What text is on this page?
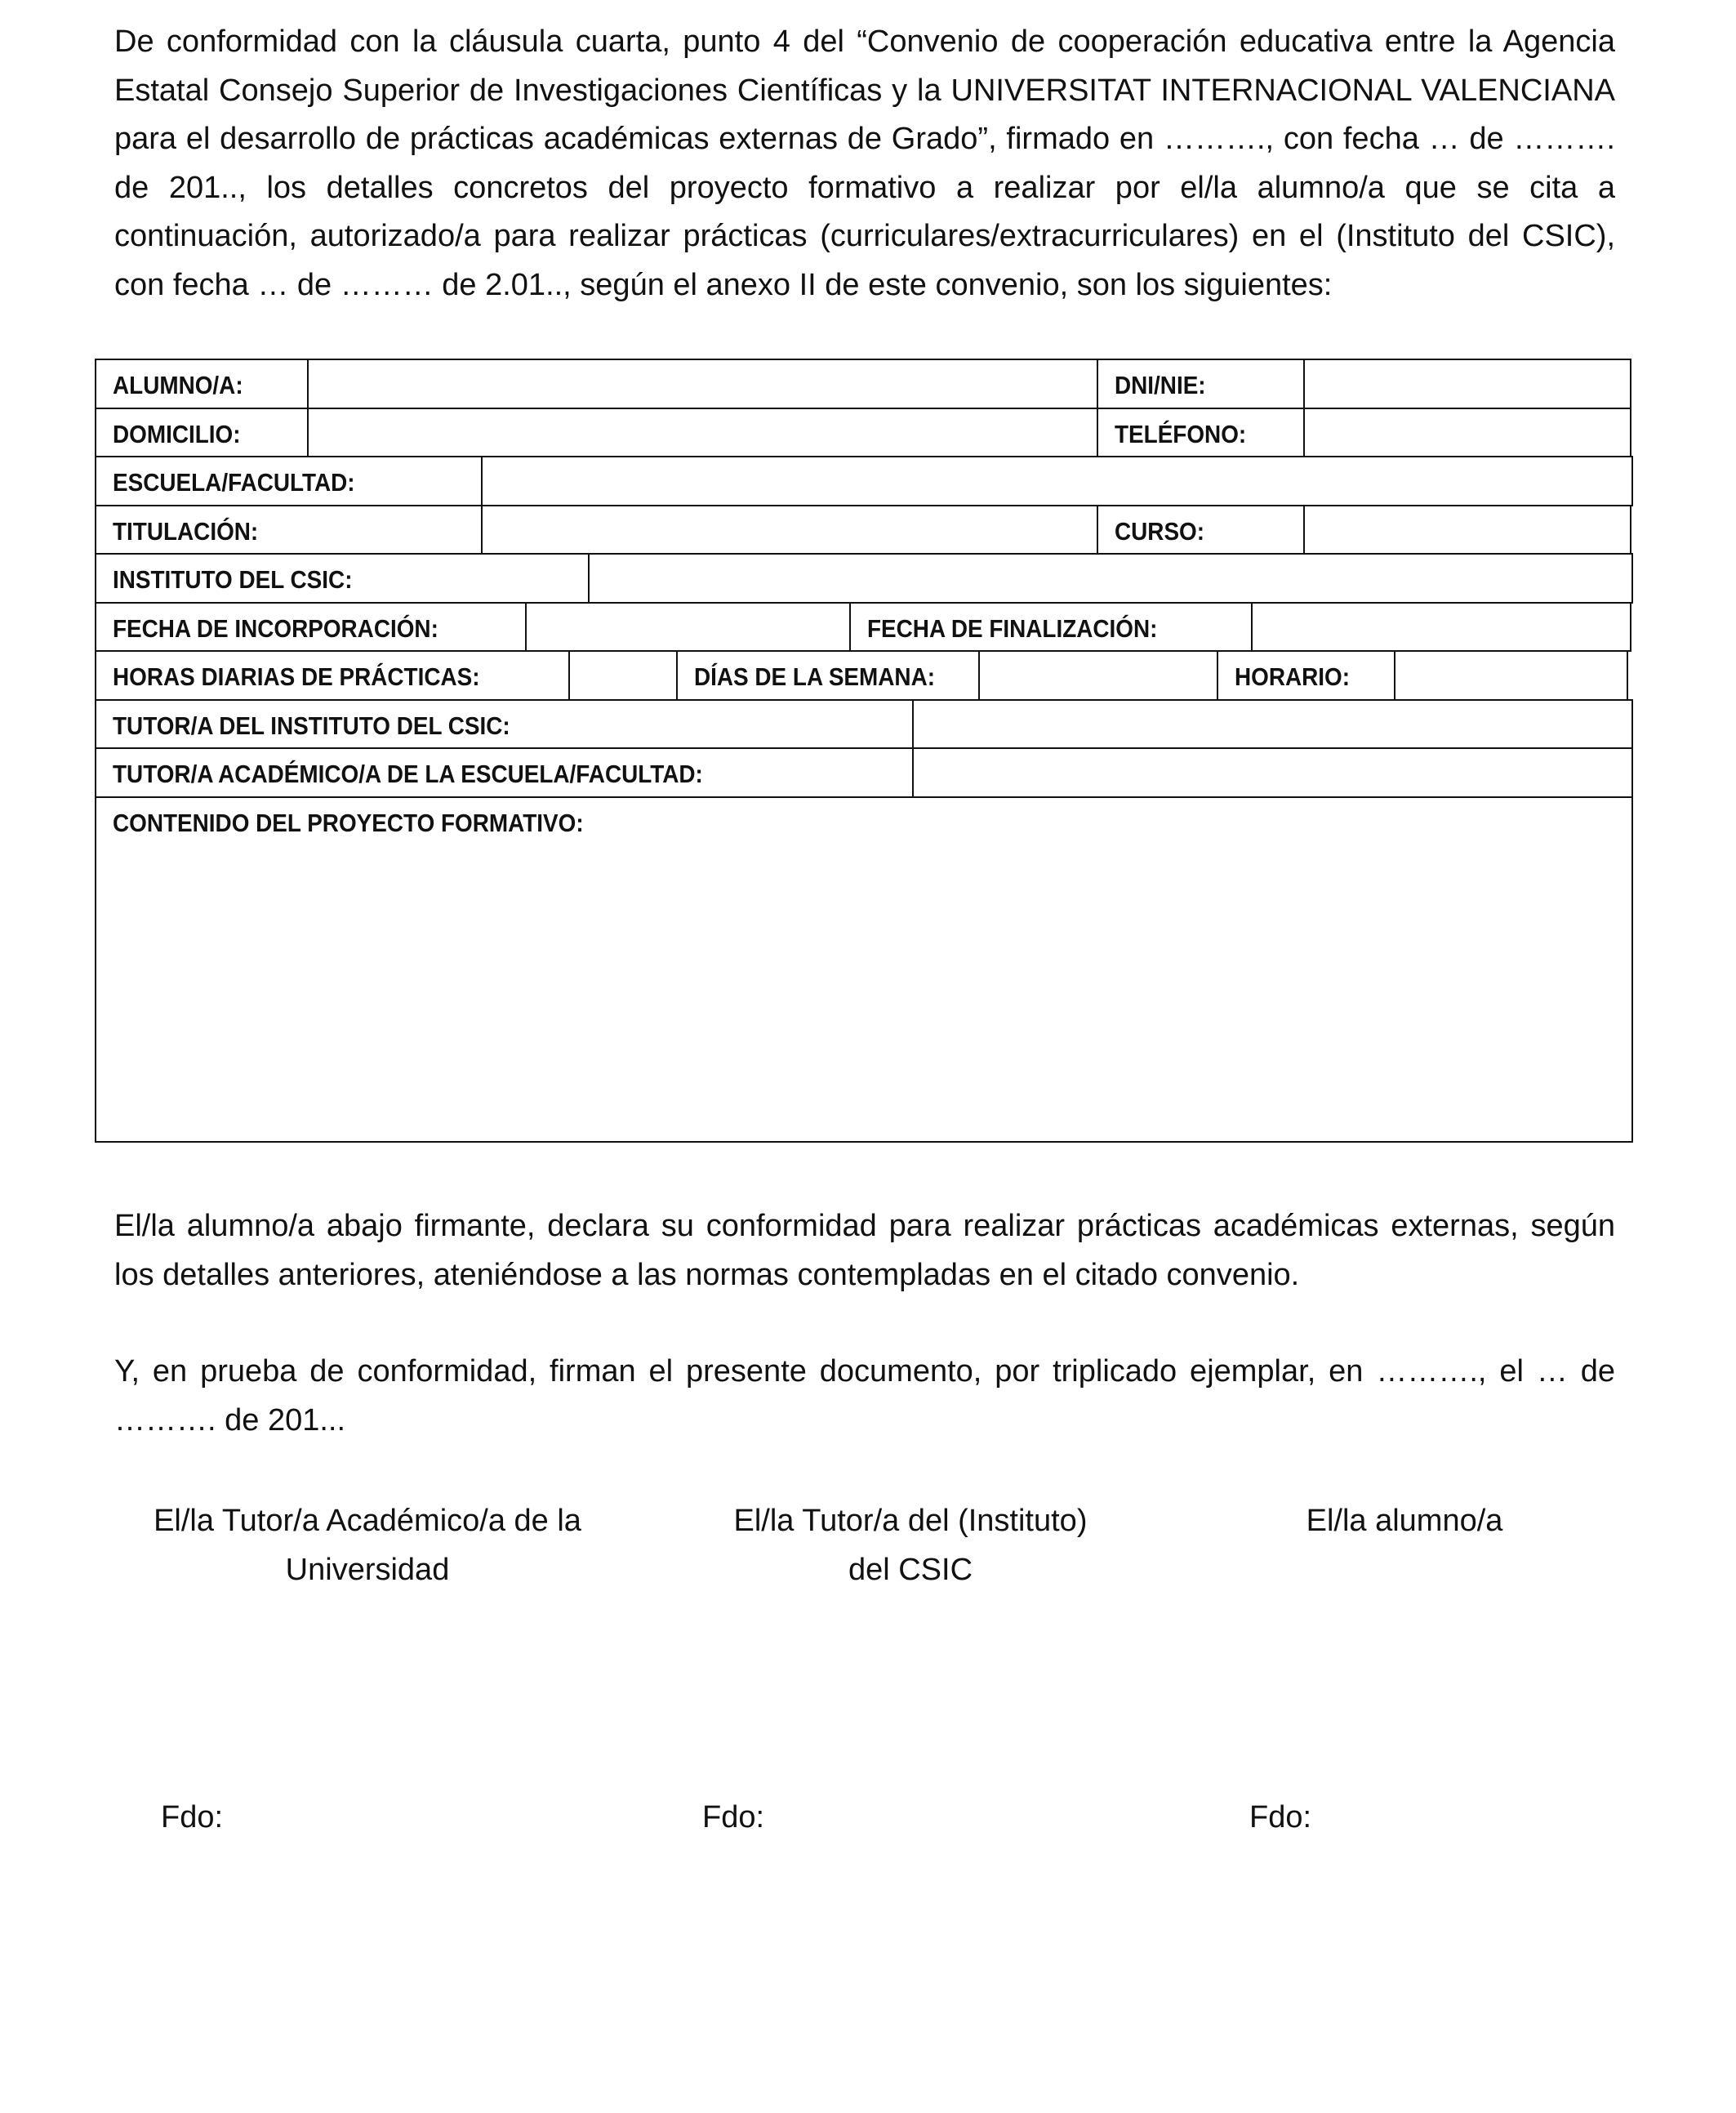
De conformidad con la cláusula cuarta, punto 4 del “Convenio de cooperación educativa entre la Agencia Estatal Consejo Superior de Investigaciones Científicas y la UNIVERSITAT INTERNACIONAL VALENCIANA para el desarrollo de prácticas académicas externas de Grado”, firmado en ………., con fecha … de ………. de 201.., los detalles concretos del proyecto formativo a realizar por el/la alumno/a que se cita a continuación, autorizado/a para realizar prácticas (curriculares/extracurriculares) en el (Instituto del CSIC), con fecha … de ……… de 2.01.., según el anexo II de este convenio, son los siguientes:

ALUMNO/A:	DNI/NIE:
DOMICILIO:	TELÉFONO:
ESCUELA/FACULTAD:
TITULACIÓN:	CURSO:
INSTITUTO DEL CSIC:
FECHA DE INCORPORACIÓN:	FECHA DE FINALIZACIÓN:
HORAS DIARIAS DE PRÁCTICAS:	DÍAS DE LA SEMANA:	HORARIO:
TUTOR/A DEL INSTITUTO DEL CSIC:
TUTOR/A ACADÉMICO/A DE LA ESCUELA/FACULTAD:
CONTENIDO DEL PROYECTO FORMATIVO:

El/la alumno/a abajo firmante, declara su conformidad para realizar prácticas académicas externas, según los detalles anteriores, ateniéndose a las normas contempladas en el citado convenio.

Y, en prueba de conformidad, firman el presente documento, por triplicado ejemplar, en ………., el … de ………. de 201...

El/la Tutor/a Académico/a de la
Universidad
El/la Tutor/a del (Instituto)
del CSIC
El/la alumno/a
Fdo:	Fdo:	Fdo:
